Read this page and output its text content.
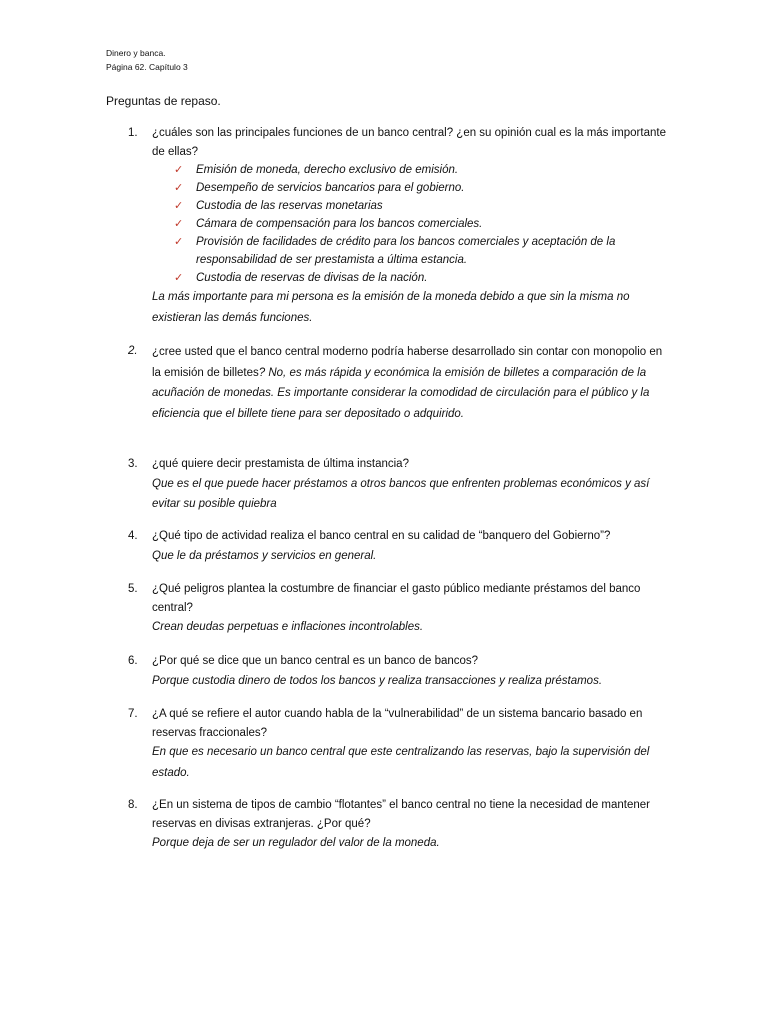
Dinero y banca.
Página 62. Capítulo 3
Preguntas de repaso.
1.	¿cuáles son las principales funciones de un banco central? ¿en su opinión cual es la más importante de ellas?
✓ Emisión de moneda, derecho exclusivo de emisión.
✓ Desempeño de servicios bancarios para el gobierno.
✓ Custodia de las reservas monetarias
✓ Cámara de compensación para los bancos comerciales.
✓ Provisión de facilidades de crédito para los bancos comerciales y aceptación de la responsabilidad de ser prestamista a última estancia.
✓ Custodia de reservas de divisas de la nación.
La más importante para mi persona es la emisión de la moneda debido a que sin la misma no existieran las demás funciones.
2.	¿cree usted que el banco central moderno podría haberse desarrollado sin contar con monopolio en la emisión de billetes? No, es más rápida y económica la emisión de billetes a comparación de la acuñación de monedas. Es importante considerar la comodidad de circulación para el público y la eficiencia que el billete tiene para ser depositado o adquirido.
3.	¿qué quiere decir prestamista de última instancia?
Que es el que puede hacer préstamos a otros bancos que enfrenten problemas económicos y así evitar su posible quiebra
4.	¿Qué tipo de actividad realiza el banco central en su calidad de “banquero del Gobierno”?
Que le da préstamos y servicios en general.
5.	¿Qué peligros plantea la costumbre de financiar el gasto público mediante préstamos del banco central?
Crean deudas perpetuas e inflaciones incontrolables.
6.	¿Por qué se dice que un banco central es un banco de bancos?
Porque custodia dinero de todos los bancos y realiza transacciones y realiza préstamos.
7.	¿A qué se refiere el autor cuando habla de la “vulnerabilidad” de un sistema bancario basado en reservas fraccionales?
En que es necesario un banco central que este centralizando las reservas, bajo la supervisión del estado.
8.	¿En un sistema de tipos de cambio “flotantes” el banco central no tiene la necesidad de mantener reservas en divisas extranjeras. ¿Por qué?
Porque deja de ser un regulador del valor de la moneda.
